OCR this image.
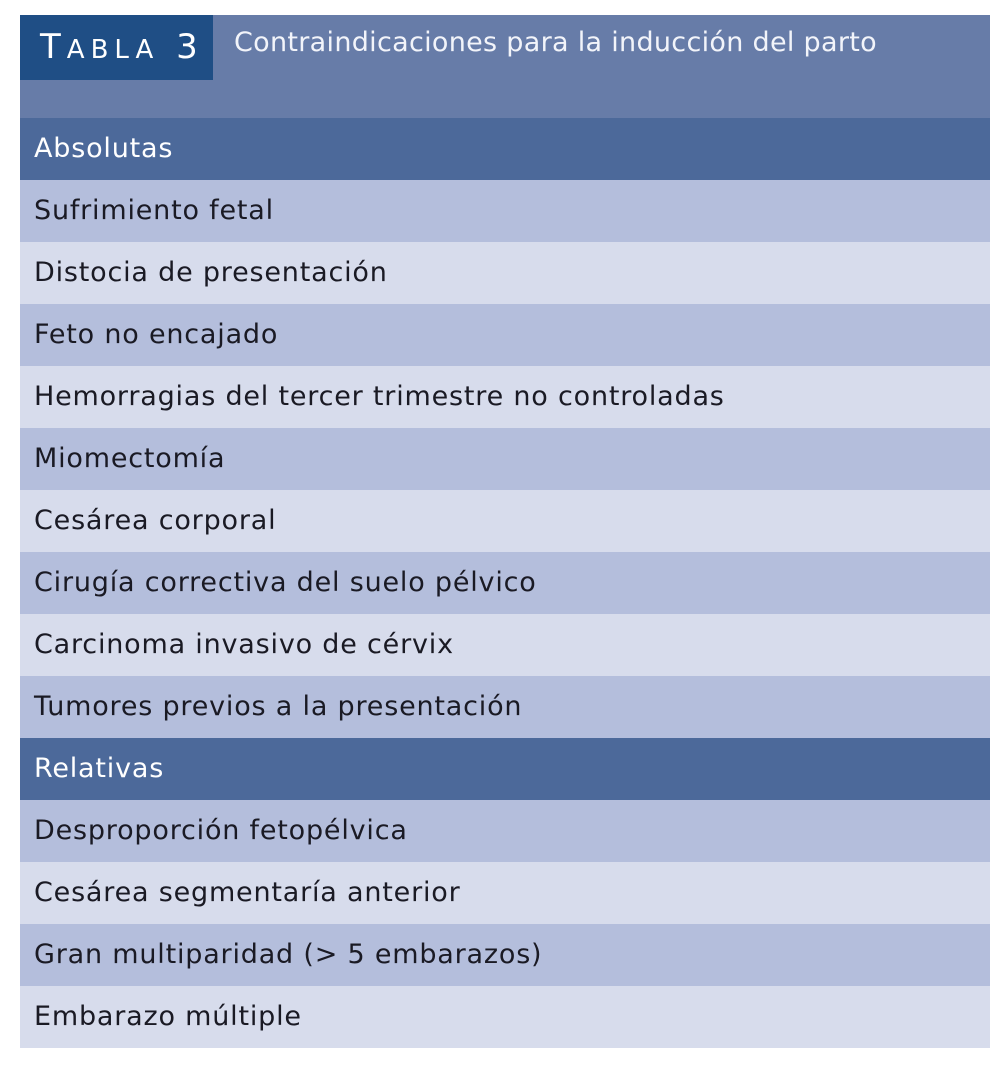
TABLA 3	Contraindicaciones para la inducción del parto
Absolutas
Sufrimiento fetal
Distocia de presentación
Feto no encajado
Hemorragias del tercer trimestre no controladas
Miomectomía
Cesárea corporal
Cirugía correctiva del suelo pélvico
Carcinoma invasivo de cérvix
Tumores previos a la presentación
Relativas
Desproporción fetopélvica
Cesárea segmentaría anterior
Gran multiparidad (> 5 embarazos)
Embarazo múltiple
